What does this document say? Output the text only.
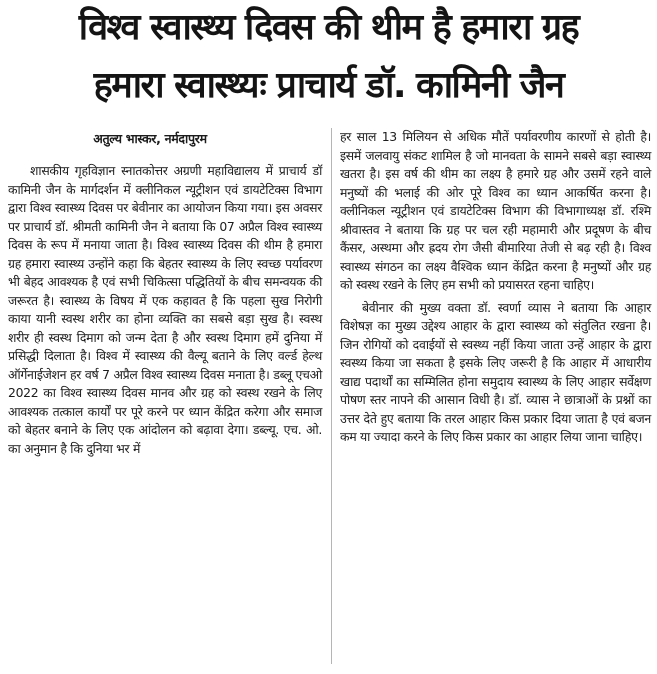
विश्व स्वास्थ्य दिवस की थीम है हमारा ग्रह
हमारा स्वास्थ्यः प्राचार्य डॉ. कामिनी जैन
अतुल्य भास्कर, नर्मदापुरम

शासकीय गृहविज्ञान स्नातकोत्तर अग्रणी महाविद्यालय में प्राचार्य डॉ कामिनी जैन के मार्गदर्शन में क्लीनिकल न्यूट्रीशन एवं डायटेटिक्स विभाग द्वारा विश्व स्वास्थ्य दिवस पर बेवीनार का आयोजन किया गया। इस अवसर पर प्राचार्य डॉ. श्रीमती कामिनी जैन ने बताया कि 07 अप्रैल विश्व स्वास्थ्य दिवस के रूप में मनाया जाता है। विश्व स्वास्थ्य दिवस की थीम है हमारा ग्रह हमारा स्वास्थ्य उन्होंने कहा कि बेहतर स्वास्थ्य के लिए स्वच्छ पर्यावरण भी बेहद आवश्यक है एवं सभी चिकित्सा पद्धितियों के बीच समन्वयक की जरूरत है। स्वास्थ्य के विषय में एक कहावत है कि पहला सुख निरोगी काया यानी स्वस्थ शरीर का होना व्यक्ति का सबसे बड़ा सुख है। स्वस्थ शरीर ही स्वस्थ दिमाग को जन्म देता है और स्वस्थ दिमाग हमें दुनिया में प्रसिद्धी दिलाता है। विश्व में स्वास्थ्य की वैल्यू बताने के लिए वर्ल्ड हेल्थ ऑर्गेनाईजेशन हर वर्ष 7 अप्रैल विश्व स्वास्थ्य दिवस मनाता है। डब्लू एचओ 2022 का विश्व स्वास्थ्य दिवस मानव और ग्रह को स्वस्थ रखने के लिए आवश्यक तत्काल कार्यों पर पूरे करने पर ध्यान केंद्रित करेगा और समाज को बेहतर बनाने के लिए एक आंदोलन को बढ़ावा देगा। डब्ल्यू. एच. ओ. का अनुमान है कि दुनिया भर में

हर साल 13 मिलियन से अधिक मौतें पर्यावरणीय कारणों से होती है। इसमें जलवायु संकट शामिल है जो मानवता के सामने सबसे बड़ा स्वास्थ्य खतरा है। इस वर्ष की थीम का लक्ष्य है हमारे ग्रह और उसमें रहने वाले मनुष्यों की भलाई की ओर पूरे विश्व का ध्यान आकर्षित करना है। क्लीनिकल न्यूट्रीशन एवं डायटेटिक्स विभाग की विभागाध्यक्ष डॉ. रश्मि श्रीवास्तव ने बताया कि ग्रह पर चल रही महामारी और प्रदूषण के बीच कैंसर, अस्थमा और ह्रदय रोग जैसी बीमारिया तेजी से बढ़ रही है। विश्व स्वास्थ्य संगठन का लक्ष्य वैश्विक ध्यान केंद्रित करना है मनुष्यों और ग्रह को स्वस्थ रखने के लिए हम सभी को प्रयासरत रहना चाहिए।

बेवीनार की मुख्य वक्ता डॉ. स्वर्णा व्यास ने बताया कि आहार विशेषज्ञ का मुख्य उद्देश्य आहार के द्वारा स्वास्थ्य को संतुलित रखना है। जिन रोगियों को दवाईयों से स्वस्थ्य नहीं किया जाता उन्हें आहार के द्वारा स्वस्थ्य किया जा सकता है इसके लिए जरूरी है कि आहार में आधारीय खाद्य पदार्थों का सम्मिलित होना समुदाय स्वास्थ्य के लिए आहार सर्वेक्षण पोषण स्तर नापने की आसान विधी है। डॉ. व्यास ने छात्राओं के प्रश्नों का उत्तर देते हुए बताया कि तरल आहार किस प्रकार दिया जाता है एवं बजन कम या ज्यादा करने के लिए किस प्रकार का आहार लिया जाना चाहिए।
